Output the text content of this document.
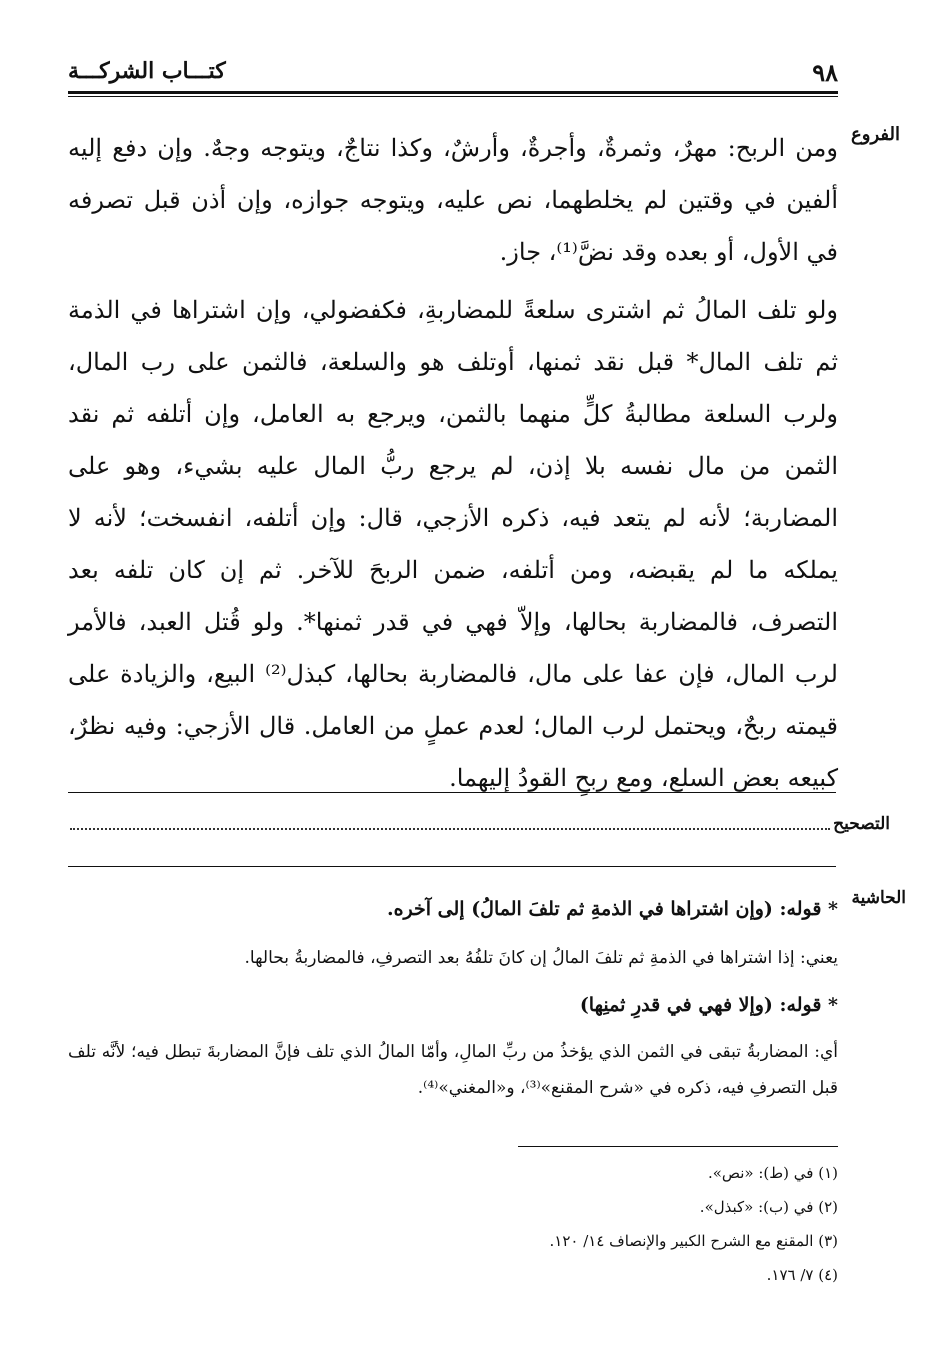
٩٨
كتـــاب الشركـــة
الفروع

ومن الربح: مهرٌ، وثمرةٌ، وأجرةٌ، وأرشٌ، وكذا نتاجٌ، ويتوجه وجهٌ. وإن دفع إليه ألفين في وقتين لم يخلطهما، نص عليه، ويتوجه جوازه، وإن أذن قبل تصرفه في الأول، أو بعده وقد نضَّ⁽¹⁾، جاز.

ولو تلف المالُ ثم اشترى سلعةً للمضاربةِ، فكفضولي، وإن اشتراها في الذمة ثم تلف المال* قبل نقد ثمنها، أوتلف هو والسلعة، فالثمن على رب المال، ولرب السلعة مطالبةُ كلٍّ منهما بالثمن، ويرجع به العامل، وإن أتلفه ثم نقد الثمن من مال نفسه بلا إذن، لم يرجع ربُّ المال عليه بشيء، وهو على المضاربة؛ لأنه لم يتعد فيه، ذكره الأزجي، قال: وإن أتلفه، انفسخت؛ لأنه لا يملكه ما لم يقبضه، ومن أتلفه، ضمن الربحَ للآخر. ثم إن كان تلفه بعد التصرف، فالمضاربة بحالها، وإلاّ فهي في قدر ثمنها*. ولو قُتل العبد، فالأمر لرب المال، فإن عفا على مال، فالمضاربة بحالها، كبذل⁽²⁾ البيع، والزيادة على قيمته ربحٌ، ويحتمل لرب المال؛ لعدم عملٍ من العامل. قال الأزجي: وفيه نظرٌ، كبيعه بعض السلع، ومع ربحِ القودُ إليهما.

التصحيح
الحاشية

* قوله: (وإن اشتراها في الذمةِ ثم تلفَ المالُ) إلى آخره.

يعني: إذا اشتراها في الذمةِ ثم تلفَ المالُ إن كانَ تلفُهُ بعد التصرفِ، فالمضاربةُ بحالها.

* قوله: (وإلا فهي في قدرِ ثمنِها)

أي: المضاربةُ تبقى في الثمن الذي يؤخذُ من ربِّ المالِ، وأمّا المالُ الذي تلف فإنَّ المضاربةَ تبطل فيه؛ لأنَّه تلف قبل التصرفِ فيه، ذكره في «شرح المقنع»⁽³⁾، و«المغني»⁽⁴⁾.

(١) في (ط): «نص».
(٢) في (ب): «كبذل».
(٣) المقنع مع الشرح الكبير والإنصاف ١٤/ ١٢٠.
(٤) ٧/ ١٧٦.
